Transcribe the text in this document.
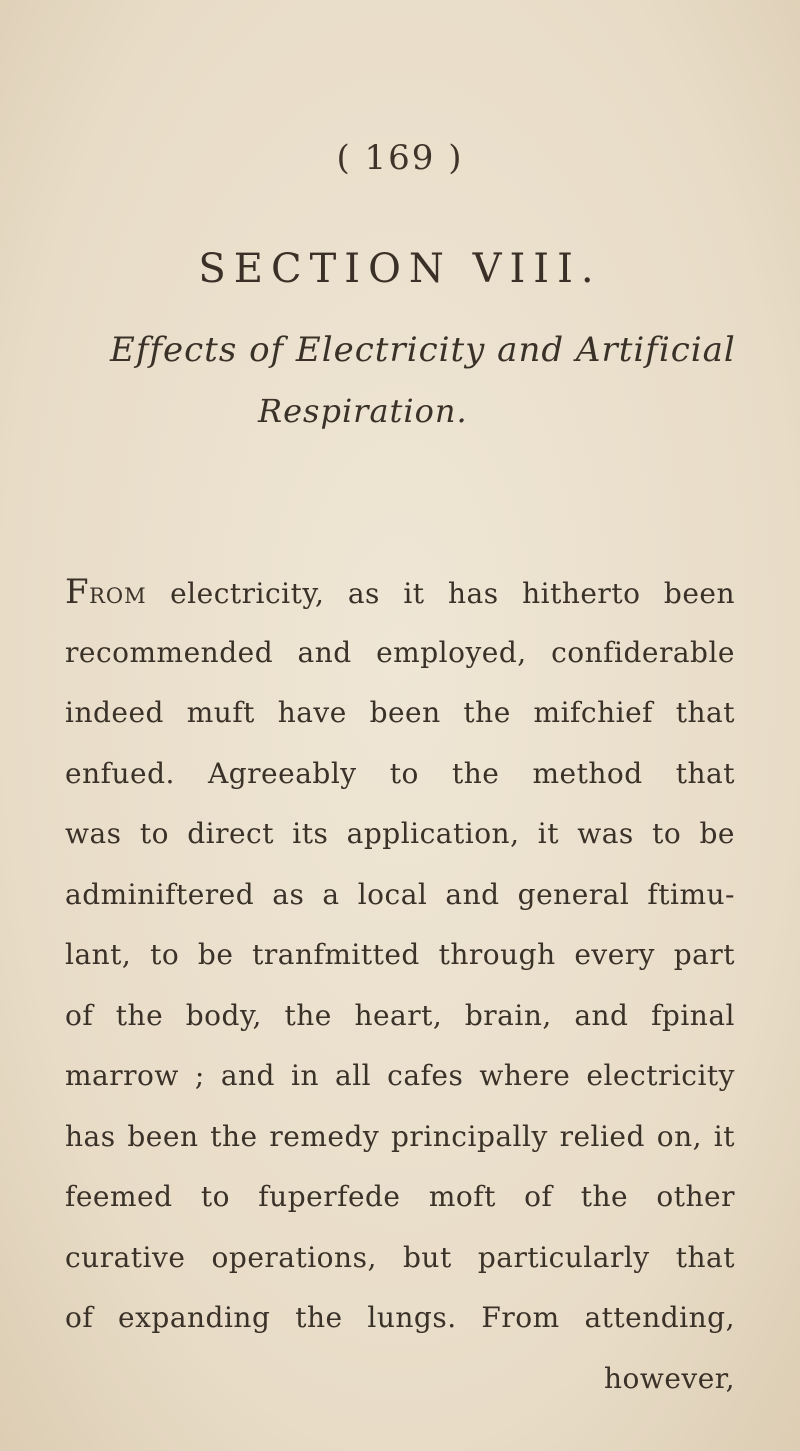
( 169 )
SECTION VIII.
Effects of Electricity and Artificial
Respiration.
FROM electricity, as it has hitherto been
recommended and employed, confiderable
indeed muft have been the mifchief that
enfued. Agreeably to the method that
was to direct its application, it was to be
adminiftered as a local and general ftimu-
lant, to be tranfmitted through every part
of the body, the heart, brain, and fpinal
marrow ; and in all cafes where electricity
has been the remedy principally relied on, it
feemed to fuperfede moft of the other
curative operations, but particularly that
of expanding the lungs. From attending,
however,
